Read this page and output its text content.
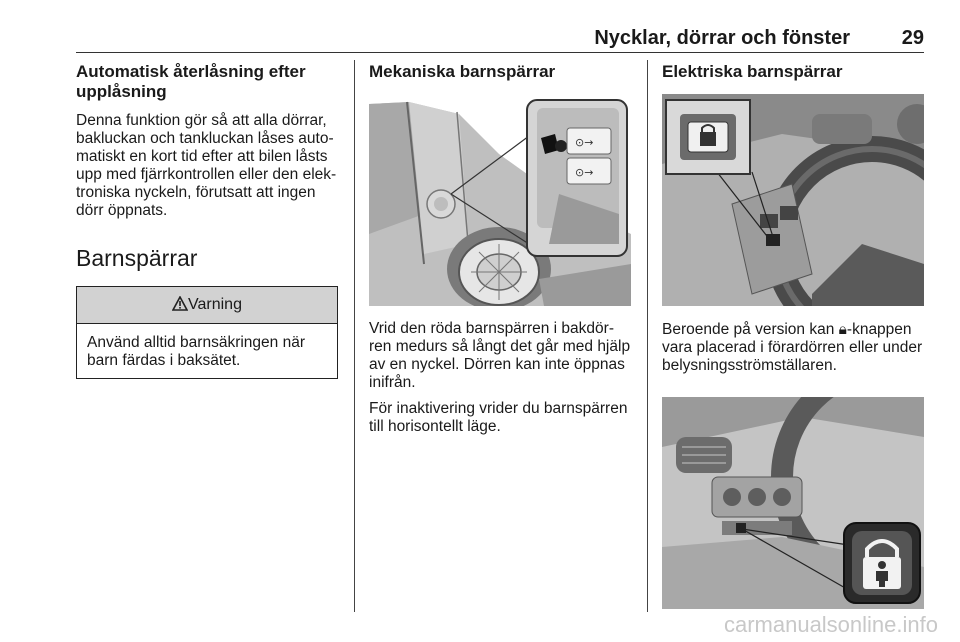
Nycklar, dörrar och fönster	29
Automatisk återlåsning efter upplåsning

Denna funktion gör så att alla dörrar, bakluckan och tankluckan låses automatiskt en kort tid efter att bilen låsts upp med fjärrkontrollen eller den elektroniska nyckeln, förutsatt att ingen dörr öppnats.

Barnspärrar
Varning
Använd alltid barnsäkringen när barn färdas i baksätet.
Mekaniska barnspärrar
⊙→
⊙→

Vrid den röda barnspärren i bakdörren medurs så långt det går med hjälp av en nyckel. Dörren kan inte öppnas inifrån.

För inaktivering vrider du barnspärren till horisontellt läge.

Elektriska barnspärrar

Beroende på version kan 🔒︎-knappen vara placerad i förardörren eller under belysningsströmställaren.

carmanualsonline.info
